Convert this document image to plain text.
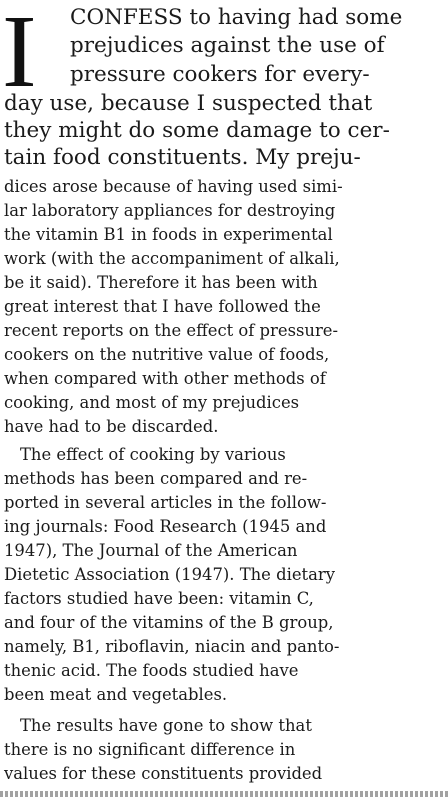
I CONFESS to having had some
prejudices against the use of
pressure cookers for every-
day use, because I suspected that
they might do some damage to cer-
tain food constituents. My preju-
dices arose because of having used simi-
lar laboratory appliances for destroying
the vitamin B1 in foods in experimental
work (with the accompaniment of alkali,
be it said). Therefore it has been with
great interest that I have followed the
recent reports on the effect of pressure-
cookers on the nutritive value of foods,
when compared with other methods of
cooking, and most of my prejudices
have had to be discarded.
The effect of cooking by various
methods has been compared and re-
ported in several articles in the follow-
ing journals: Food Research (1945 and
1947), The Journal of the American
Dietetic Association (1947). The dietary
factors studied have been: vitamin C,
and four of the vitamins of the B group,
namely, B1, riboflavin, niacin and panto-
thenic acid. The foods studied have
been meat and vegetables.
The results have gone to show that
there is no significant difference in
values for these constituents provided
